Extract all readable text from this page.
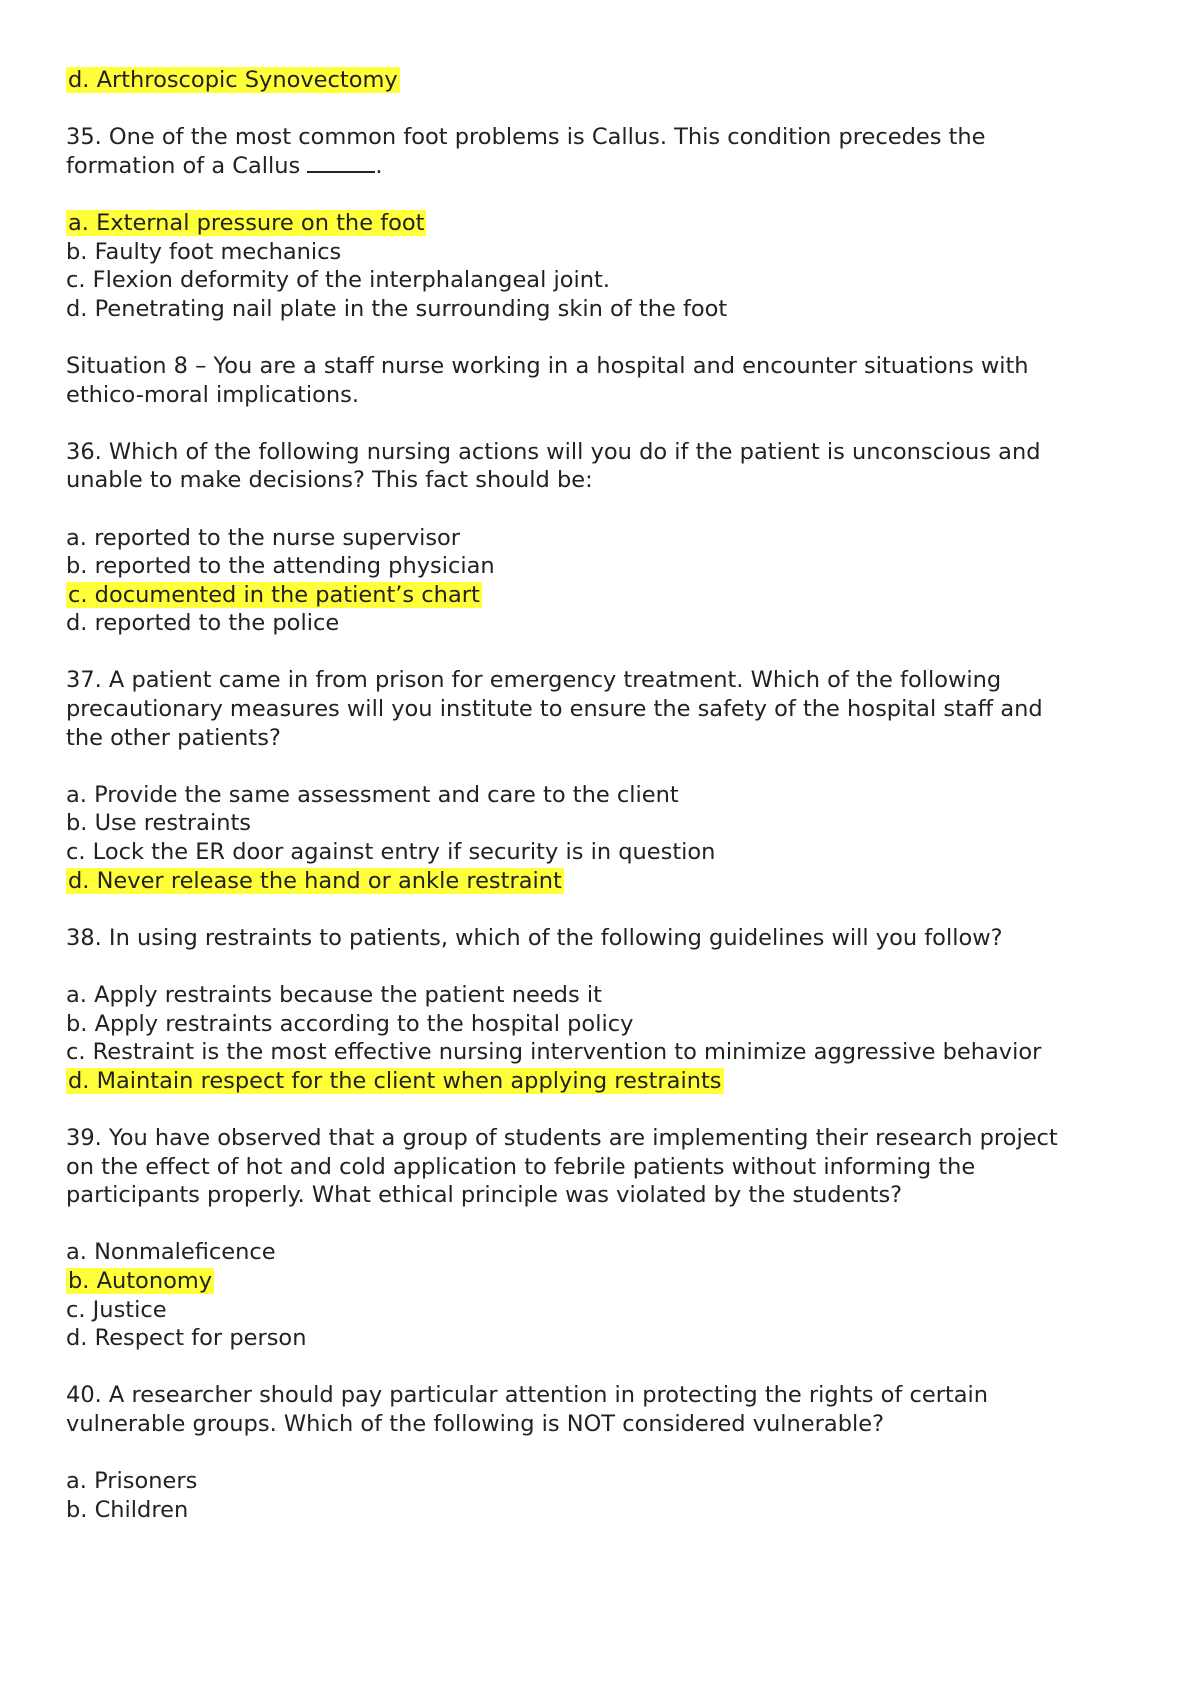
d. Arthroscopic Synovectomy
35. One of the most common foot problems is Callus. This condition precedes the
formation of a Callus	.
a. External pressure on the foot
b. Faulty foot mechanics
c. Flexion deformity of the interphalangeal joint.
d. Penetrating nail plate in the surrounding skin of the foot
Situation 8 – You are a staff nurse working in a hospital and encounter situations with
ethico-moral implications.
36. Which of the following nursing actions will you do if the patient is unconscious and
unable to make decisions? This fact should be:
a. reported to the nurse supervisor
b. reported to the attending physician
c. documented in the patient’s chart
d. reported to the police
37. A patient came in from prison for emergency treatment. Which of the following
precautionary measures will you institute to ensure the safety of the hospital staff and
the other patients?
a. Provide the same assessment and care to the client
b. Use restraints
c. Lock the ER door against entry if security is in question
d. Never release the hand or ankle restraint
38. In using restraints to patients, which of the following guidelines will you follow?
a. Apply restraints because the patient needs it
b. Apply restraints according to the hospital policy
c. Restraint is the most effective nursing intervention to minimize aggressive behavior
d. Maintain respect for the client when applying restraints
39. You have observed that a group of students are implementing their research project
on the effect of hot and cold application to febrile patients without informing the
participants properly. What ethical principle was violated by the students?
a. Nonmaleficence
b. Autonomy
c. Justice
d. Respect for person
40. A researcher should pay particular attention in protecting the rights of certain
vulnerable groups. Which of the following is NOT considered vulnerable?
a. Prisoners
b. Children
